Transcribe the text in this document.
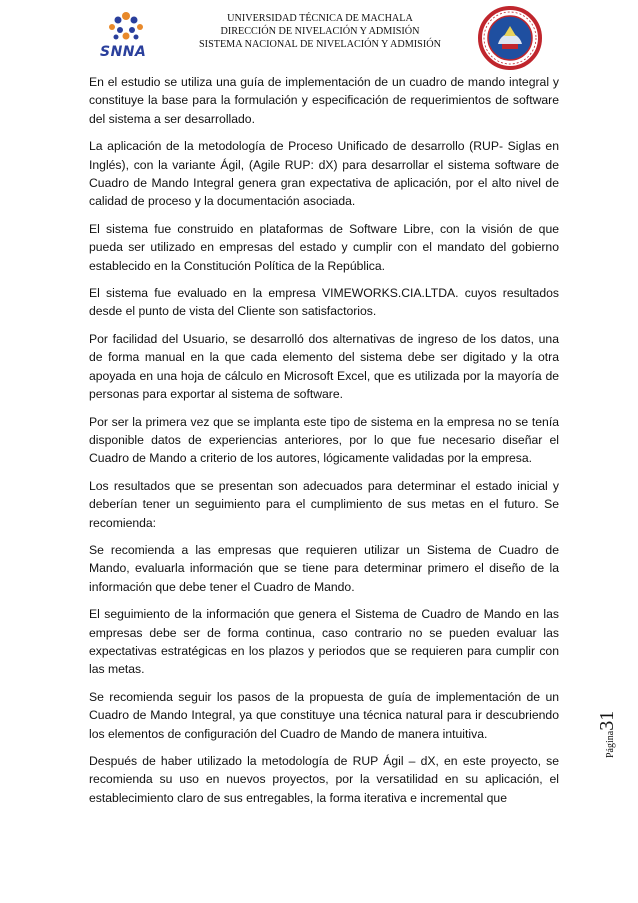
SNNA
UNIVERSIDAD TÉCNICA DE MACHALA
DIRECCIÓN DE NIVELACIÓN Y ADMISIÓN
SISTEMA NACIONAL DE NIVELACIÓN Y ADMISIÓN

En el estudio se utiliza una guía de implementación de un cuadro de mando integral y constituye la base para la formulación y especificación de requerimientos de software del sistema a ser desarrollado.

La aplicación de la metodología de Proceso Unificado de desarrollo (RUP- Siglas en Inglés), con la variante Ágil, (Agile RUP: dX) para desarrollar el sistema software de Cuadro de Mando Integral genera gran expectativa de aplicación, por el alto nivel de calidad de proceso y la documentación asociada.

El sistema fue construido en plataformas de Software Libre, con la visión de que pueda ser utilizado en empresas del estado y cumplir con el mandato del gobierno establecido en la Constitución Política de la República.

El sistema fue evaluado en la empresa VIMEWORKS.CIA.LTDA. cuyos resultados desde el punto de vista del Cliente son satisfactorios.

Por facilidad del Usuario, se desarrolló dos alternativas de ingreso de los datos, una de forma manual en la que cada elemento del sistema debe ser digitado y la otra apoyada en una hoja de cálculo en Microsoft Excel, que es utilizada por la mayoría de personas para exportar al sistema de software.

Por ser la primera vez que se implanta este tipo de sistema en la empresa no se tenía disponible datos de experiencias anteriores, por lo que fue necesario diseñar el Cuadro de Mando a criterio de los autores, lógicamente validadas por la empresa.

Los resultados que se presentan son adecuados para determinar el estado inicial y deberían tener un seguimiento para el cumplimiento de sus metas en el futuro. Se recomienda:

Se recomienda a las empresas que requieren utilizar un Sistema de Cuadro de Mando, evaluarla información que se tiene para determinar primero el diseño de la información que debe tener el Cuadro de Mando.

El seguimiento de la información que genera el Sistema de Cuadro de Mando en las empresas debe ser de forma continua, caso contrario no se pueden evaluar las expectativas estratégicas en los plazos y periodos que se requieren para cumplir con las metas.

Se recomienda seguir los pasos de la propuesta de guía de implementación de un Cuadro de Mando Integral, ya que constituye una técnica natural para ir descubriendo los elementos de configuración del Cuadro de Mando de manera intuitiva.

Después de haber utilizado la metodología de RUP Ágil – dX, en este proyecto, se recomienda su uso en nuevos proyectos, por la versatilidad en su aplicación, el establecimiento claro de sus entregables, la forma iterativa e incremental que

Página31
